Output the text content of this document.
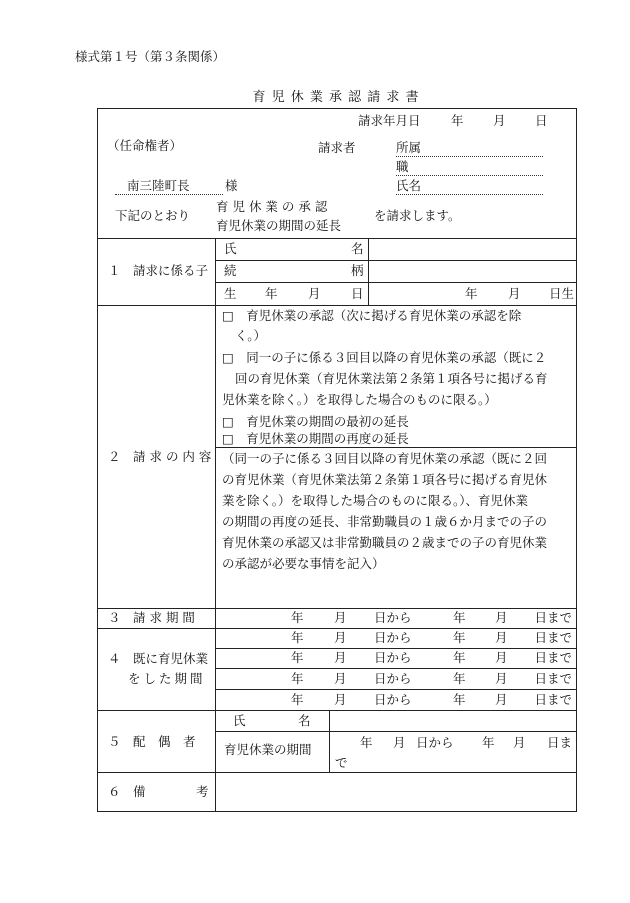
様式第１号（第３条関係）
育 児 休 業 承 認 請 求 書
請求年月日 年 月 日
（任命権者）	請求者	所属
職
南三陸町長	様	氏名
下記のとおり
育 児 休 業 の 承 認
育児休業の期間の延長
を請求します。
１　請求に係る子
氏	名
続	柄
生 年 月 日	年 月 日生
２　請 求 の 内 容
□　育児休業の承認（次に掲げる育児休業の承認を除
く。）
□　同一の子に係る３回目以降の育児休業の承認（既に２
回の育児休業（育児休業法第２条第１項各号に掲げる育
児休業を除く。）を取得した場合のものに限る。）
□　育児休業の期間の最初の延長
□　育児休業の期間の再度の延長
（同一の子に係る３回目以降の育児休業の承認（既に２回
の育児休業（育児休業法第２条第１項各号に掲げる育児休
業を除く。）を取得した場合のものに限る。）、育児休業
の期間の再度の延長、非常勤職員の１歳６か月までの子の
育児休業の承認又は非常勤職員の２歳までの子の育児休業
の承認が必要な事情を記入）
３　請 求 期 間	年 月 日から	年 月 日まで
４　既に育児休業
をした期間
年 月 日から	年 月 日まで
年 月 日から	年 月 日まで
年 月 日から	年 月 日まで
年 月 日から	年 月 日まで
５　配　偶　者
氏	名
育児休業の期間	年 月 日から 年 月 日ま
で
６　備	考
